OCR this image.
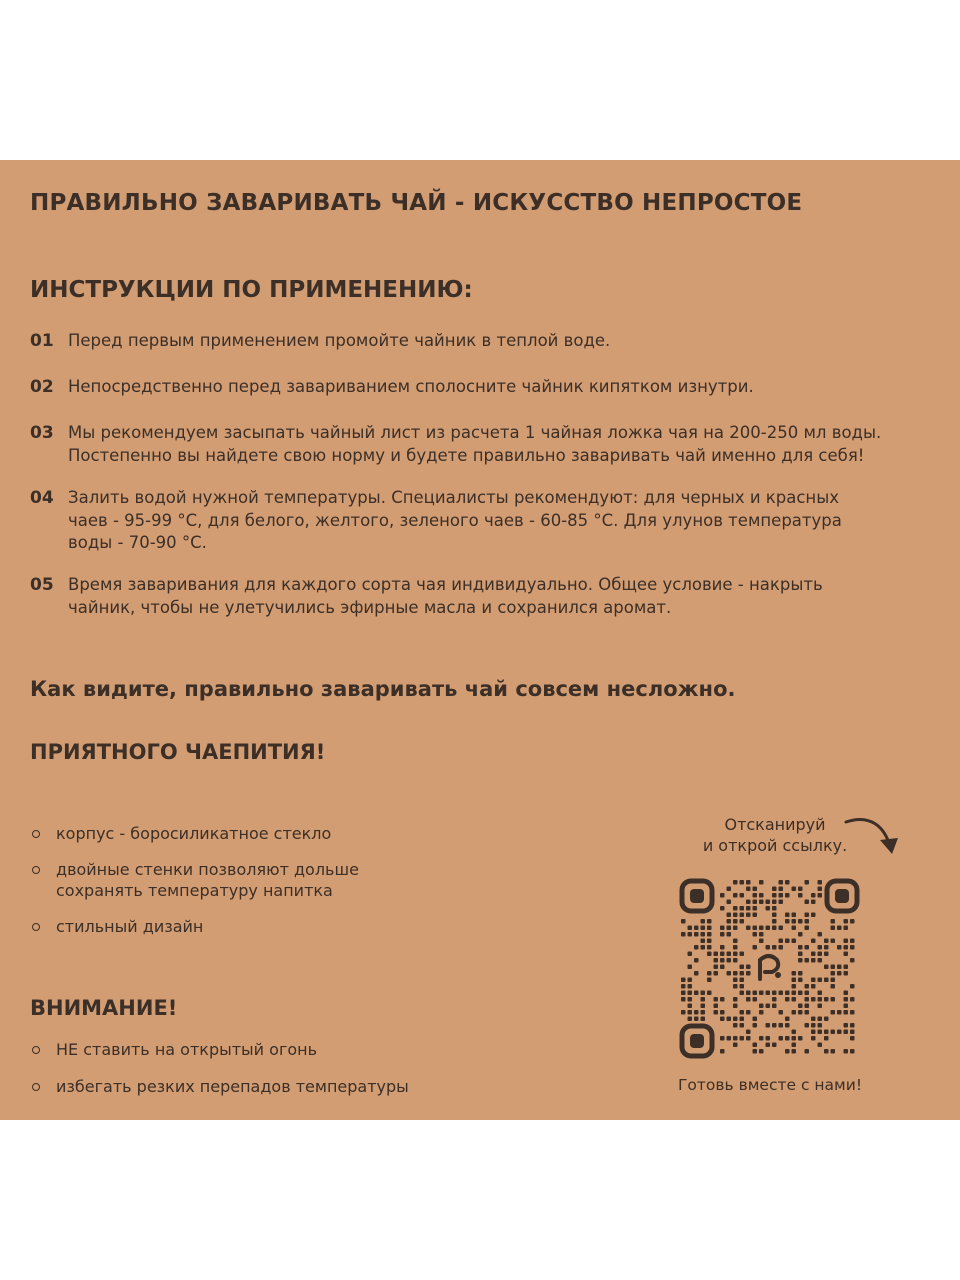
ПРАВИЛЬНО ЗАВАРИВАТЬ ЧАЙ - ИСКУССТВО НЕПРОСТОЕ
ИНСТРУКЦИИ ПО ПРИМЕНЕНИЮ:
01 Перед первым применением промойте чайник в теплой воде.
02 Непосредственно перед завариванием сполосните чайник кипятком изнутри.
03 Мы рекомендуем засыпать чайный лист из расчета 1 чайная ложка чая на 200-250 мл воды.
Постепенно вы найдете свою норму и будете правильно заваривать чай именно для себя!
04 Залить водой нужной температуры. Специалисты рекомендуют: для черных и красных
чаев - 95-99 °С, для белого, желтого, зеленого чаев - 60-85 °С. Для улунов температура
воды - 70-90 °С.
05 Время заваривания для каждого сорта чая индивидуально. Общее условие - накрыть
чайник, чтобы не улетучились эфирные масла и сохранился аромат.
Как видите, правильно заваривать чай совсем несложно.
ПРИЯТНОГО ЧАЕПИТИЯ!
корпус - боросиликатное стекло
двойные стенки позволяют дольше
сохранять температуру напитка
стильный дизайн
ВНИМАНИЕ!
НЕ ставить на открытый огонь
избегать резких перепадов температуры
Отсканируй
и открой ссылку.
Готовь вместе с нами!
